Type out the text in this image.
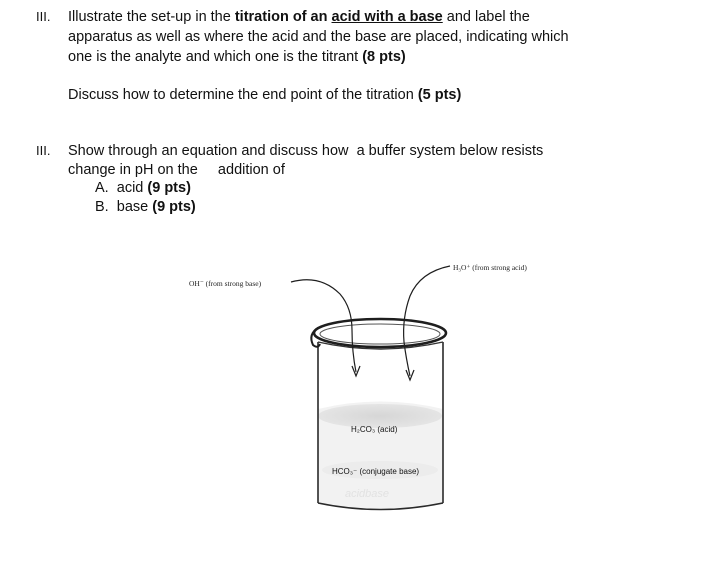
III. Illustrate the set-up in the titration of an acid with a base and label the
apparatus as well as where the acid and the base are placed, indicating which
one is the analyte and which one is the titrant (8 pts)
Discuss how to determine the end point of the titration (5 pts)
III. Show through an equation and discuss how  a buffer system below resists
change in pH on the     addition of
A. acid (9 pts)
B. base (9 pts)
OH⁻ (from strong base)
H₃O⁺ (from strong acid)
H₂CO₃ (acid)
HCO₃⁻ (conjugate base)
acidbase
